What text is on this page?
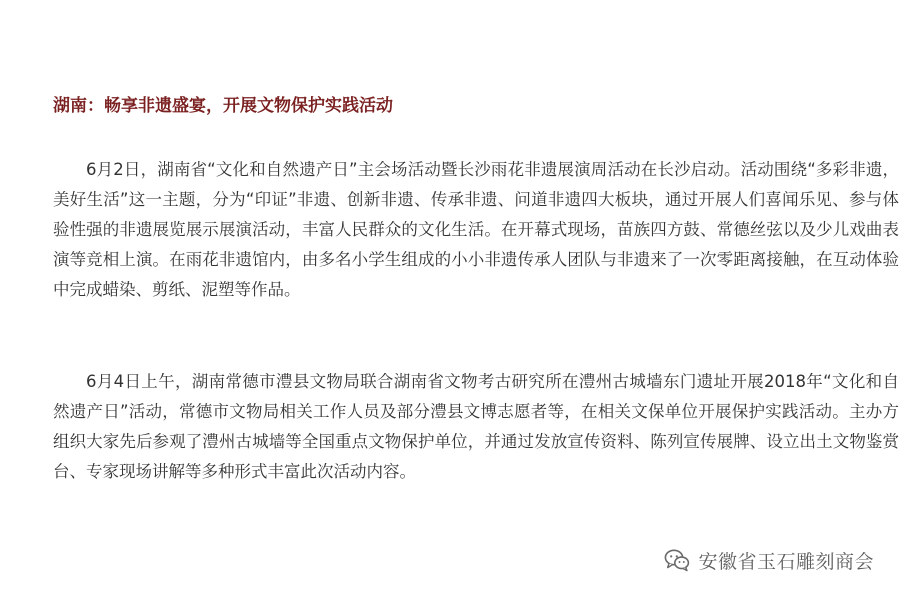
湖南：畅享非遗盛宴，开展文物保护实践活动

6月2日，湖南省“文化和自然遗产日”主会场活动暨长沙雨花非遗展演周活动在长沙启动。活动围绕“多彩非遗，美好生活”这一主题，分为“印证”非遗、创新非遗、传承非遗、问道非遗四大板块，通过开展人们喜闻乐见、参与体验性强的非遗展览展示展演活动，丰富人民群众的文化生活。在开幕式现场，苗族四方鼓、常德丝弦以及少儿戏曲表演等竞相上演。在雨花非遗馆内，由多名小学生组成的小小非遗传承人团队与非遗来了一次零距离接触，在互动体验中完成蜡染、剪纸、泥塑等作品。

6月4日上午，湖南常德市澧县文物局联合湖南省文物考古研究所在澧州古城墙东门遗址开展2018年“文化和自然遗产日”活动，常德市文物局相关工作人员及部分澧县文博志愿者等，在相关文保单位开展保护实践活动。主办方组织大家先后参观了澧州古城墙等全国重点文物保护单位，并通过发放宣传资料、陈列宣传展牌、设立出土文物鉴赏台、专家现场讲解等多种形式丰富此次活动内容。

安徽省玉石雕刻商会
